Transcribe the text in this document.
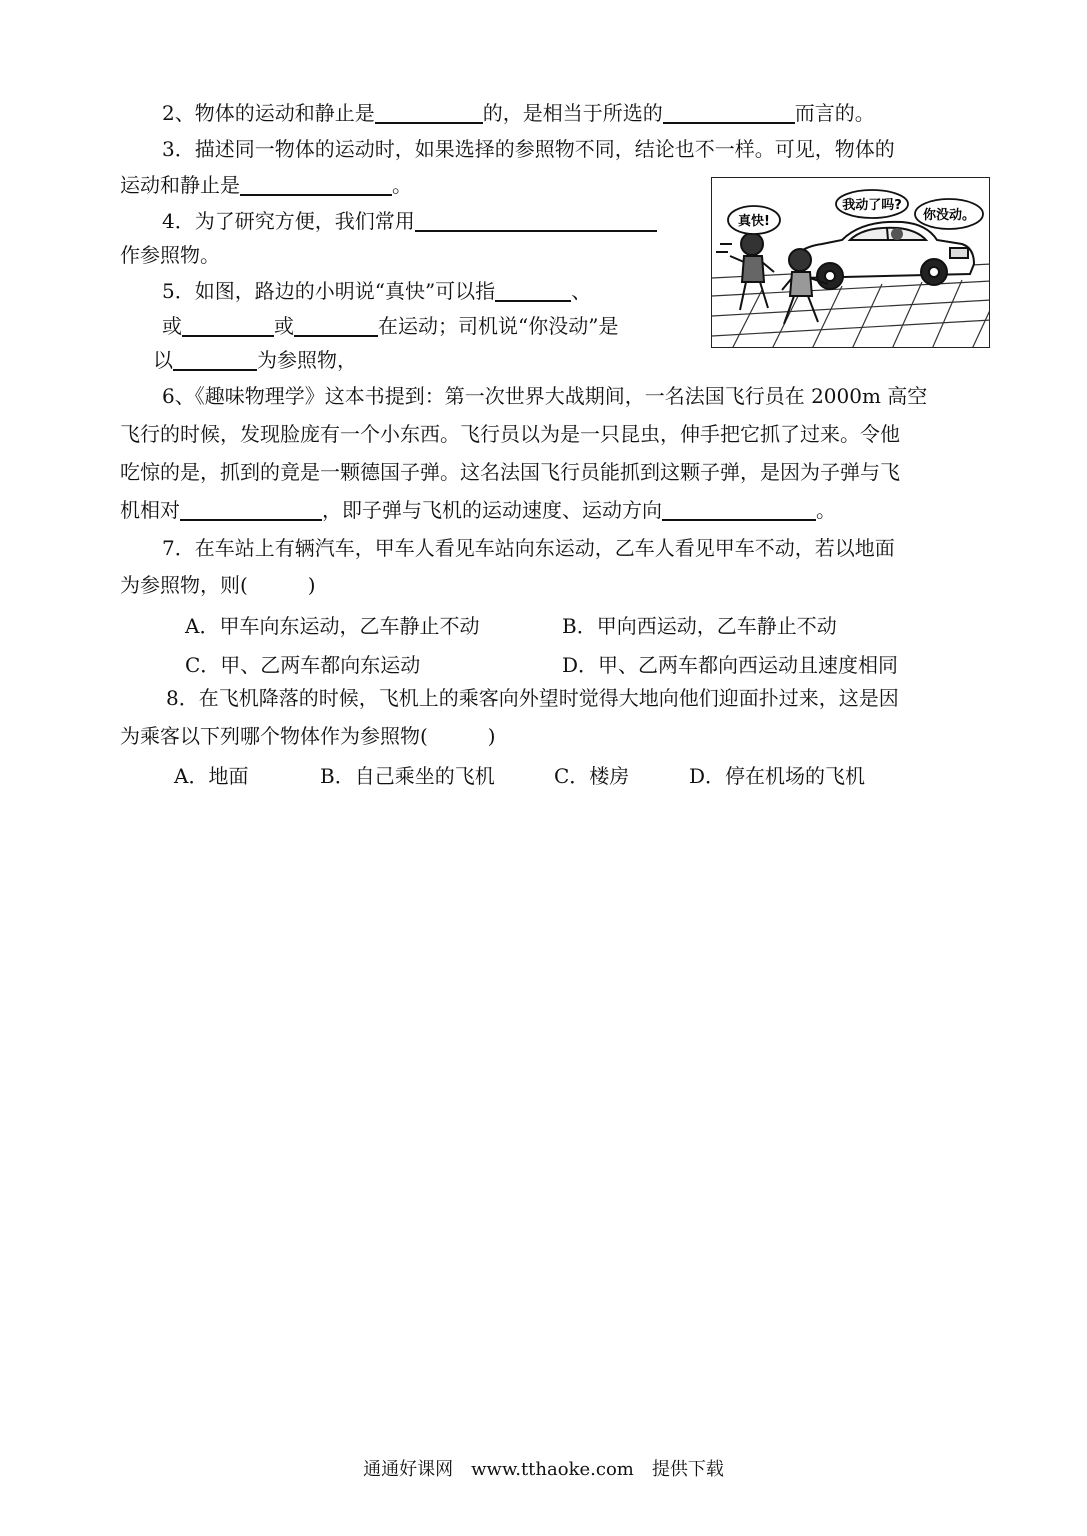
2、物体的运动和静止是	的，是相当于所选的	而言的。
3．描述同一物体的运动时，如果选择的参照物不同，结论也不一样。可见，物体的
运动和静止是	。
4．为了研究方便，我们常用
作参照物。
5．如图，路边的小明说“真快”可以指	、
或	或	在运动；司机说“你没动”是
以	为参照物，
真快!
我动了吗?
你没动。
6、《趣味物理学》这本书提到：第一次世界大战期间，一名法国飞行员在 2000m 高空
飞行的时候，发现脸庞有一个小东西。飞行员以为是一只昆虫，伸手把它抓了过来。令他
吃惊的是，抓到的竟是一颗德国子弹。这名法国飞行员能抓到这颗子弹，是因为子弹与飞
机相对	，即子弹与飞机的运动速度、运动方向	。
7．在车站上有辆汽车，甲车人看见车站向东运动，乙车人看见甲车不动，若以地面
为参照物，则(　　　)
A．甲车向东运动，乙车静止不动	B．甲向西运动，乙车静止不动
C．甲、乙两车都向东运动	D．甲、乙两车都向西运动且速度相同
8．在飞机降落的时候，飞机上的乘客向外望时觉得大地向他们迎面扑过来，这是因
为乘客以下列哪个物体作为参照物(　　　)
A．地面	B．自己乘坐的飞机	C．楼房	D．停在机场的飞机
通通好课网　www.tthaoke.com　提供下载
